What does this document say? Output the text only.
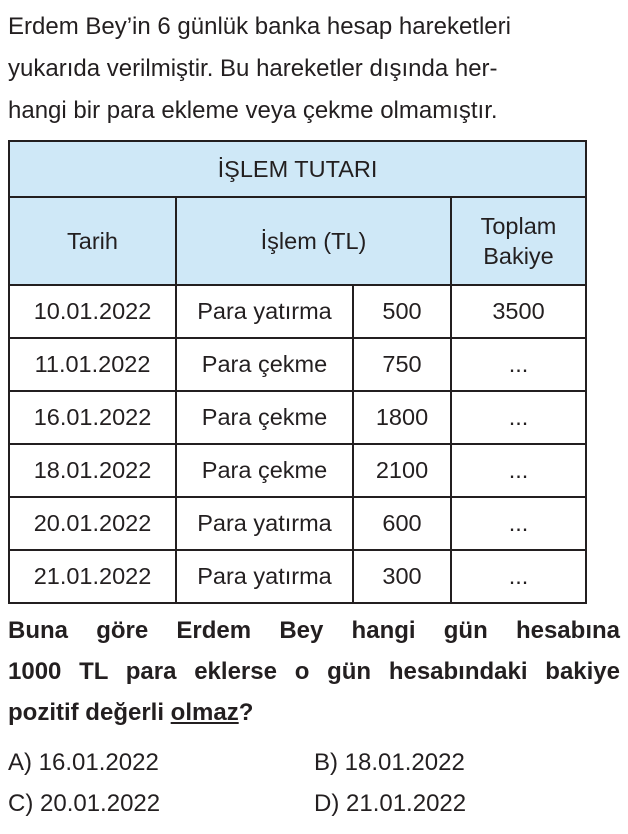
Erdem Bey’in 6 günlük banka hesap hareketleri
yukarıda verilmiştir. Bu hareketler dışında her-
hangi bir para ekleme veya çekme olmamıştır.
İŞLEM TUTARI			
Tarih	İşlem (TL)		Toplam
Bakiye
10.01.2022	Para yatırma	500	3500
11.01.2022	Para çekme	750	...
16.01.2022	Para çekme	1800	...
18.01.2022	Para çekme	2100	...
20.01.2022	Para yatırma	600	...
21.01.2022	Para yatırma	300	...
Buna göre Erdem Bey hangi gün hesabına
1000 TL para eklerse o gün hesabındaki bakiye
pozitif değerli olmaz?
A) 16.01.2022	B) 18.01.2022
C) 20.01.2022	D) 21.01.2022
